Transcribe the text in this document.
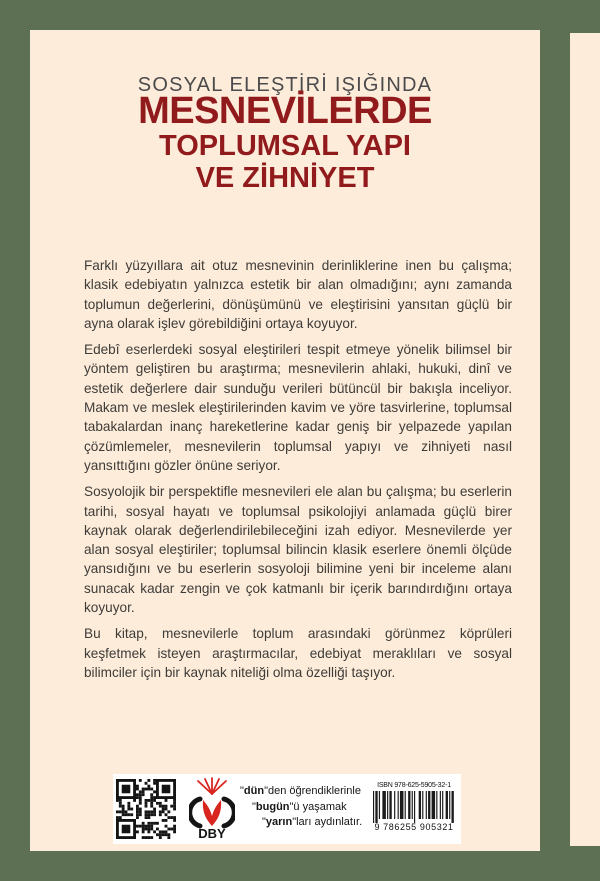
SOSYAL ELEŞTİRİ IŞIĞINDA
MESNEVİLERDE
TOPLUMSAL YAPI
VE ZİHNİYET

Farklı yüzyıllara ait otuz mesnevinin derinliklerine inen bu çalışma; klasik edebiyatın yalnızca estetik bir alan olmadığını; aynı zamanda toplumun değerlerini, dönüşümünü ve eleştirisini yansıtan güçlü bir ayna olarak işlev görebildiğini ortaya koyuyor.

Edebî eserlerdeki sosyal eleştirileri tespit etmeye yönelik bilimsel bir yöntem geliştiren bu araştırma; mesnevilerin ahlaki, hukuki, dinî ve estetik değerlere dair sunduğu verileri bütüncül bir bakışla inceliyor. Makam ve meslek eleştirilerinden kavim ve yöre tasvirlerine, toplumsal tabakalardan inanç hareketlerine kadar geniş bir yelpazede yapılan çözümlemeler, mesnevilerin toplumsal yapıyı ve zihniyeti nasıl yansıttığını gözler önüne seriyor.

Sosyolojik bir perspektifle mesnevileri ele alan bu çalışma; bu eserlerin tarihi, sosyal hayatı ve toplumsal psikolojiyi anlamada güçlü birer kaynak olarak değerlendirilebileceğini izah ediyor. Mesnevilerde yer alan sosyal eleştiriler; toplumsal bilincin klasik eserlere önemli ölçüde yansıdığını ve bu eserlerin sosyoloji bilimine yeni bir inceleme alanı sunacak kadar zengin ve çok katmanlı bir içerik barındırdığını ortaya koyuyor.

Bu kitap, mesnevilerle toplum arasındaki görünmez köprüleri keşfetmek isteyen araştırmacılar, edebiyat meraklıları ve sosyal bilimciler için bir kaynak niteliği olma özelliği taşıyor.

DBY
"dün"den öğrendiklerinle
"bugün"ü yaşamak
"yarın"ları aydınlatır.
ISBN 978-625-5905-32-1
9 786255 905321
